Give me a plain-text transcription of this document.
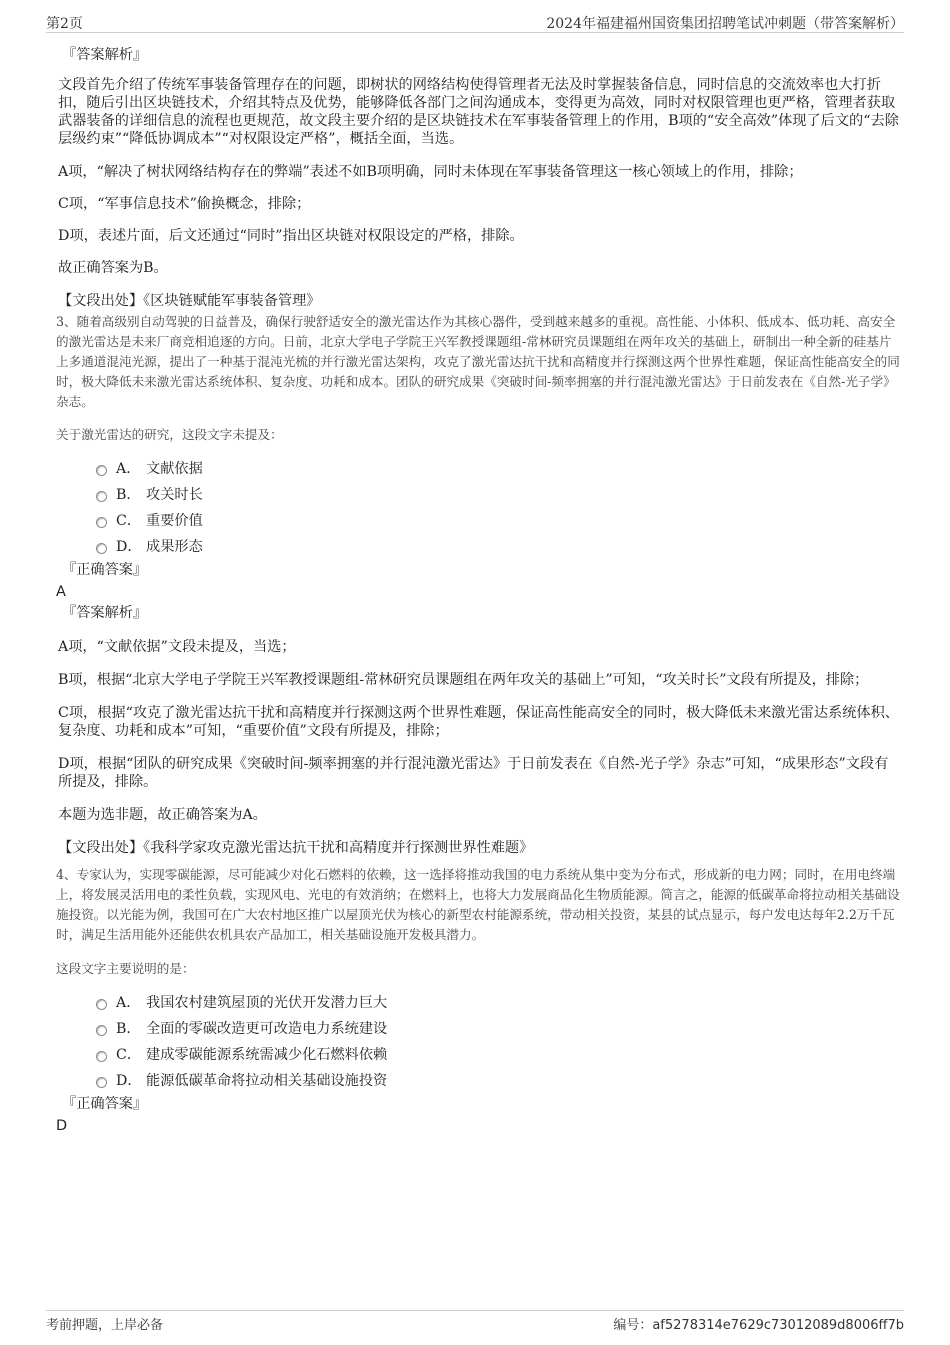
第2页	2024年福建福州国资集团招聘笔试冲刺题（带答案解析）
『答案解析』

文段首先介绍了传统军事装备管理存在的问题，即树状的网络结构使得管理者无法及时掌握装备信息，同时信息的交流效率也大打折扣，随后引出区块链技术，介绍其特点及优势，能够降低各部门之间沟通成本，变得更为高效，同时对权限管理也更严格，管理者获取武器装备的详细信息的流程也更规范，故文段主要介绍的是区块链技术在军事装备管理上的作用，B项的“安全高效”体现了后文的“去除层级约束”“降低协调成本”“对权限设定严格”，概括全面，当选。

A项，“解决了树状网络结构存在的弊端”表述不如B项明确，同时未体现在军事装备管理这一核心领域上的作用，排除；

C项，“军事信息技术”偷换概念，排除；

D项，表述片面，后文还通过“同时”指出区块链对权限设定的严格，排除。

故正确答案为B。

【文段出处】《区块链赋能军事装备管理》

3、随着高级别自动驾驶的日益普及，确保行驶舒适安全的激光雷达作为其核心器件，受到越来越多的重视。高性能、小体积、低成本、低功耗、高安全的激光雷达是未来厂商竞相追逐的方向。日前，北京大学电子学院王兴军教授课题组-常林研究员课题组在两年攻关的基础上，研制出一种全新的硅基片上多通道混沌光源，提出了一种基于混沌光梳的并行激光雷达架构，攻克了激光雷达抗干扰和高精度并行探测这两个世界性难题，保证高性能高安全的同时，极大降低未来激光雷达系统体积、复杂度、功耗和成本。团队的研究成果《突破时间-频率拥塞的并行混沌激光雷达》于日前发表在《自然-光子学》杂志。

关于激光雷达的研究，这段文字未提及：

A． 文献依据
B． 攻关时长
C． 重要价值
D． 成果形态
『正确答案』
A
『答案解析』

A项，“文献依据”文段未提及，当选；

B项，根据“北京大学电子学院王兴军教授课题组-常林研究员课题组在两年攻关的基础上”可知，“攻关时长”文段有所提及，排除；

C项，根据“攻克了激光雷达抗干扰和高精度并行探测这两个世界性难题，保证高性能高安全的同时，极大降低未来激光雷达系统体积、复杂度、功耗和成本”可知，“重要价值”文段有所提及，排除；

D项，根据“团队的研究成果《突破时间-频率拥塞的并行混沌激光雷达》于日前发表在《自然-光子学》杂志”可知，“成果形态”文段有所提及，排除。

本题为选非题，故正确答案为A。

【文段出处】《我科学家攻克激光雷达抗干扰和高精度并行探测世界性难题》

4、专家认为，实现零碳能源，尽可能减少对化石燃料的依赖，这一选择将推动我国的电力系统从集中变为分布式，形成新的电力网；同时，在用电终端上，将发展灵活用电的柔性负载，实现风电、光电的有效消纳；在燃料上，也将大力发展商品化生物质能源。简言之，能源的低碳革命将拉动相关基础设施投资。以光能为例，我国可在广大农村地区推广以屋顶光伏为核心的新型农村能源系统，带动相关投资，某县的试点显示，每户发电达每年2.2万千瓦时，满足生活用能外还能供农机具农产品加工，相关基础设施开发极具潜力。

这段文字主要说明的是：

A． 我国农村建筑屋顶的光伏开发潜力巨大
B． 全面的零碳改造更可改造电力系统建设
C． 建成零碳能源系统需减少化石燃料依赖
D． 能源低碳革命将拉动相关基础设施投资
『正确答案』
D
考前押题，上岸必备	编号：af5278314e7629c73012089d8006ff7b
